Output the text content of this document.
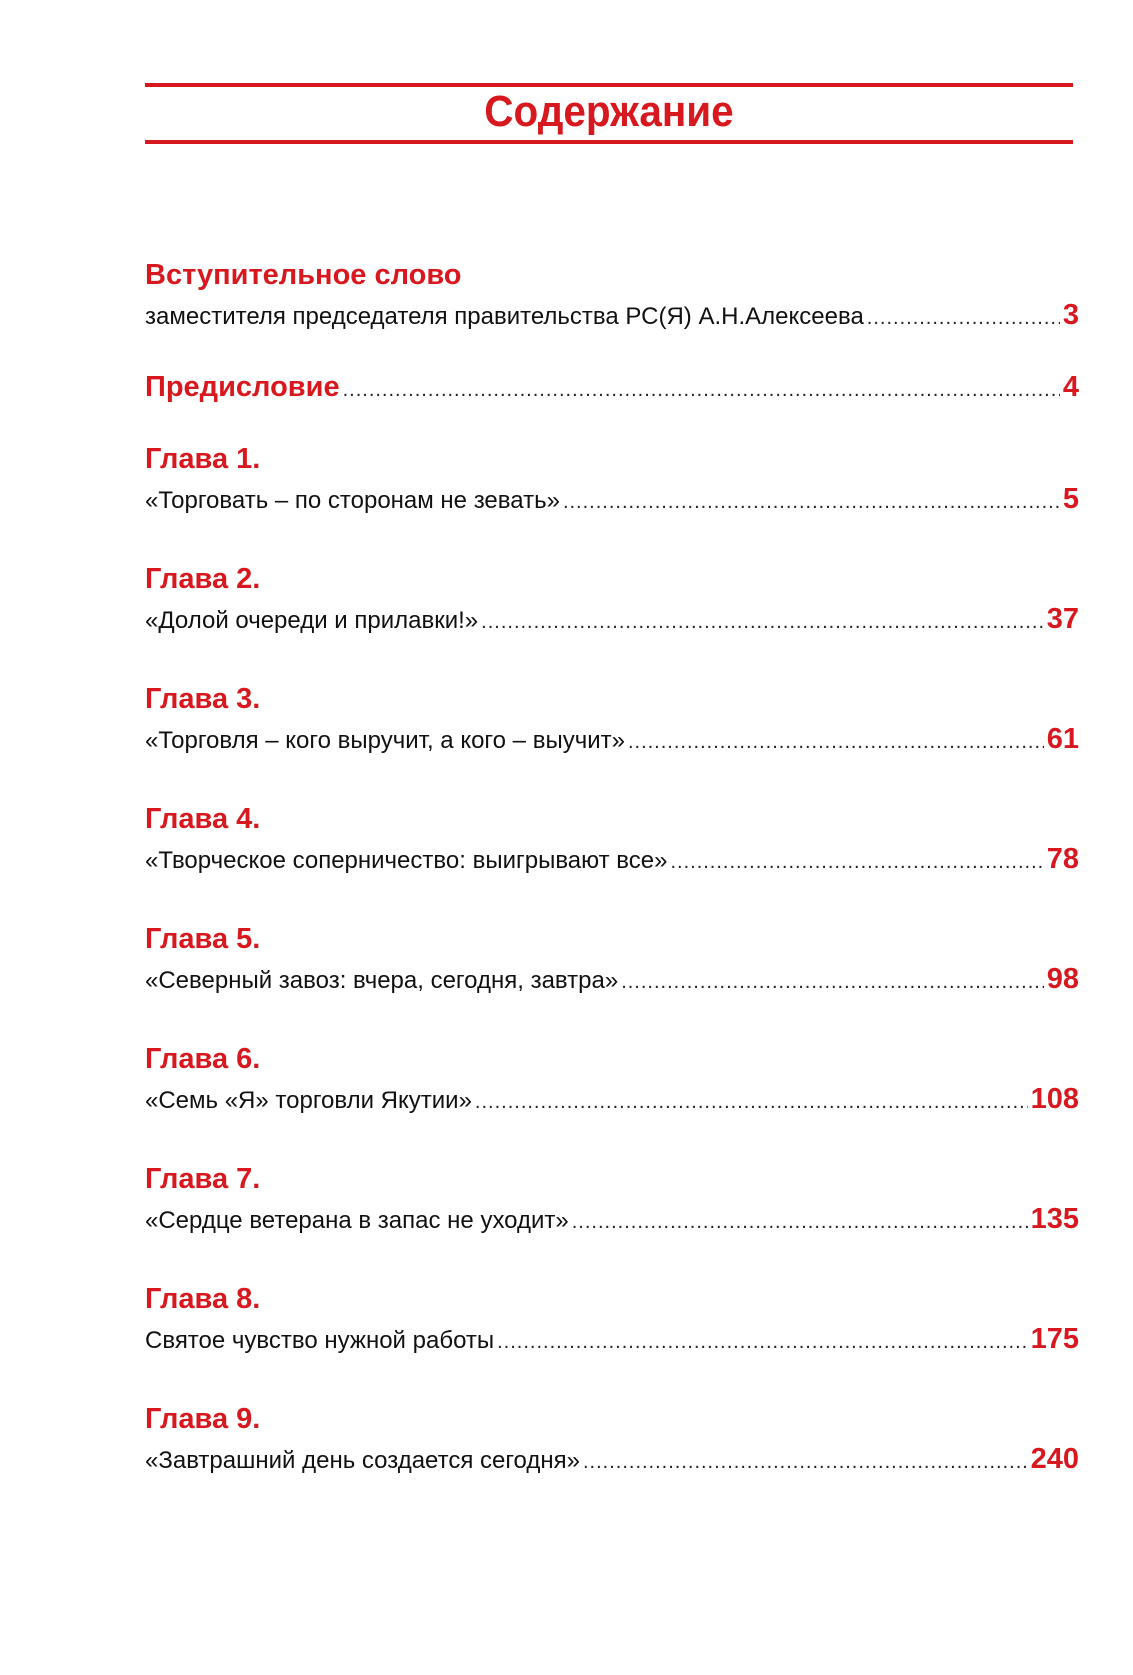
Содержание
Вступительное слово
заместителя председателя правительства РС(Я) А.Н.Алексеева .....	3
Предисловие .....	4
Глава 1.
«Торговать – по сторонам не зевать» .....	5
Глава 2.
«Долой очереди и прилавки!» .....	37
Глава 3.
«Торговля – кого выручит, а кого – выучит» .....	61
Глава 4.
«Творческое соперничество: выигрывают все» .....	78
Глава 5.
«Северный завоз: вчера, сегодня, завтра» .....	98
Глава 6.
«Семь «Я» торговли Якутии» .....	108
Глава 7.
«Сердце ветерана в запас не уходит» .....	135
Глава 8.
Святое чувство нужной работы .....	175
Глава 9.
«Завтрашний день создается сегодня» .....	240
